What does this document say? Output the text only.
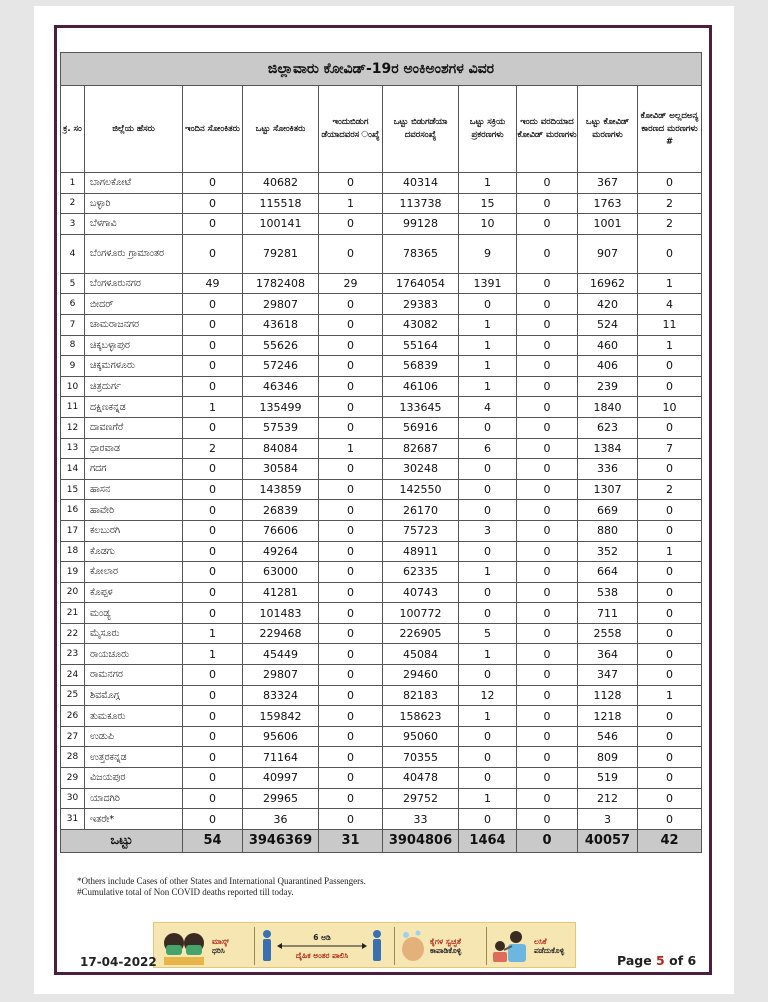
ಜಿಲ್ಲಾವಾರು ಕೋವಿಡ್-19ರ ಅಂಕಿಅಂಶಗಳ ವಿವರ									
ಕ್ರ. ಸಂ	ಜಿಲ್ಲೆಯ ಹೆಸರು	ಇಂದಿನ ಸೋಂಕಿತರು	ಒಟ್ಟು ಸೋಂಕಿತರು	ಇಂದುಬಿಡುಗ ಡೆಯಾದವರಸ ಂಖ್ಯೆ	ಒಟ್ಟು ಬಿಡುಗಡೆಯಾ ದವರಸಂಖ್ಯೆ	ಒಟ್ಟು ಸಕ್ರಿಯ ಪ್ರಕರಣಗಳು	ಇಂದು ವರದಿಯಾದ ಕೋವಿಡ್ ಮರಣಗಳು	ಒಟ್ಟು ಕೋವಿಡ್ ಮರಣಗಳು	ಕೋವಿಡ್ ಅಲ್ಲದಅನ್ಯ ಕಾರಣದ ಮರಣಗಳು #
1	ಬಾಗಲಕೋಟೆ	0	40682	0	40314	1	0	367	0
2	ಬಳ್ಳಾರಿ	0	115518	1	113738	15	0	1763	2
3	ಬೆಳಗಾವಿ	0	100141	0	99128	10	0	1001	2
4	ಬೆಂಗಳೂರು ಗ್ರಾಮಾಂತರ	0	79281	0	78365	9	0	907	0
5	ಬೆಂಗಳೂರುನಗರ	49	1782408	29	1764054	1391	0	16962	1
6	ಬೀದರ್	0	29807	0	29383	0	0	420	4
7	ಚಾಮರಾಜನಗರ	0	43618	0	43082	1	0	524	11
8	ಚಿಕ್ಕಬಳ್ಳಾಪುರ	0	55626	0	55164	1	0	460	1
9	ಚಿಕ್ಕಮಗಳೂರು	0	57246	0	56839	1	0	406	0
10	ಚಿತ್ರದುರ್ಗ	0	46346	0	46106	1	0	239	0
11	ದಕ್ಷಿಣಕನ್ನಡ	1	135499	0	133645	4	0	1840	10
12	ದಾವಣಗೆರೆ	0	57539	0	56916	0	0	623	0
13	ಧಾರವಾಡ	2	84084	1	82687	6	0	1384	7
14	ಗದಗ	0	30584	0	30248	0	0	336	0
15	ಹಾಸನ	0	143859	0	142550	0	0	1307	2
16	ಹಾವೇರಿ	0	26839	0	26170	0	0	669	0
17	ಕಲಬುರಗಿ	0	76606	0	75723	3	0	880	0
18	ಕೊಡಗು	0	49264	0	48911	0	0	352	1
19	ಕೋಲಾರ	0	63000	0	62335	1	0	664	0
20	ಕೊಪ್ಪಳ	0	41281	0	40743	0	0	538	0
21	ಮಂಡ್ಯ	0	101483	0	100772	0	0	711	0
22	ಮೈಸೂರು	1	229468	0	226905	5	0	2558	0
23	ರಾಯಚೂರು	1	45449	0	45084	1	0	364	0
24	ರಾಮನಗರ	0	29807	0	29460	0	0	347	0
25	ಶಿವಮೊಗ್ಗ	0	83324	0	82183	12	0	1128	1
26	ತುಮಕೂರು	0	159842	0	158623	1	0	1218	0
27	ಉಡುಪಿ	0	95606	0	95060	0	0	546	0
28	ಉತ್ತರಕನ್ನಡ	0	71164	0	70355	0	0	809	0
29	ವಿಜಯಪುರ	0	40997	0	40478	0	0	519	0
30	ಯಾದಗಿರಿ	0	29965	0	29752	1	0	212	0
31	ಇತರೇ*	0	36	0	33	0	0	3	0
ಒಟ್ಟು		54	3946369	31	3904806	1464	0	40057	42
*Others include Cases of other States and International Quarantined Passengers.
#Cumulative total of Non COVID deaths reported till today.
ಮಾಸ್ಕ್
ಧರಿಸಿ
6 ಅಡಿ
ದೈಹಿಕ ಅಂತರ ಪಾಲಿಸಿ
ಕೈಗಳ ಸ್ವಚ್ಛತೆ
ಕಾಪಾಡಿಕೊಳ್ಳಿ
ಲಸಿಕೆ
ಪಡೆದುಕೊಳ್ಳಿ
17-04-2022	Page 5 of 6
